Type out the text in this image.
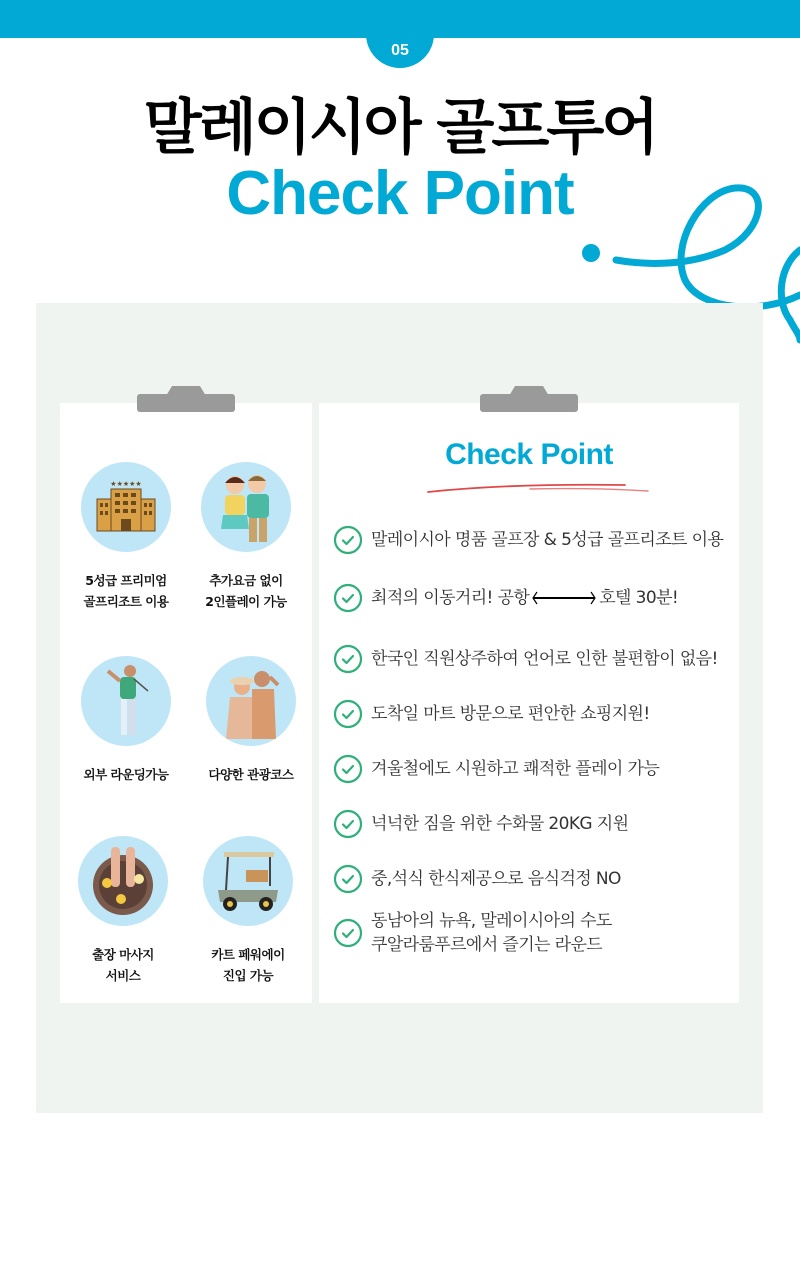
05
말레이시아 골프투어
Check Point
★★★★★
5성급 프리미엄
골프리조트 이용
추가요금 없이
2인플레이 가능
외부 라운딩가능	다양한 관광코스
출장 마사지
서비스
카트 페워에이
진입 가능
Check Point
말레이시아 명품 골프장 & 5성급 골프리조트 이용
최적의 이동거리! 공항	호텔 30분!
한국인 직원상주하여 언어로 인한 불편함이 없음!
도착일 마트 방문으로 편안한 쇼핑지원!
겨울철에도 시원하고 쾌적한 플레이 가능
넉넉한 짐을 위한 수화물 20KG 지원
중,석식 한식제공으로 음식걱정 NO
동남아의 뉴욕, 말레이시아의 수도
쿠알라룸푸르에서 즐기는 라운드
